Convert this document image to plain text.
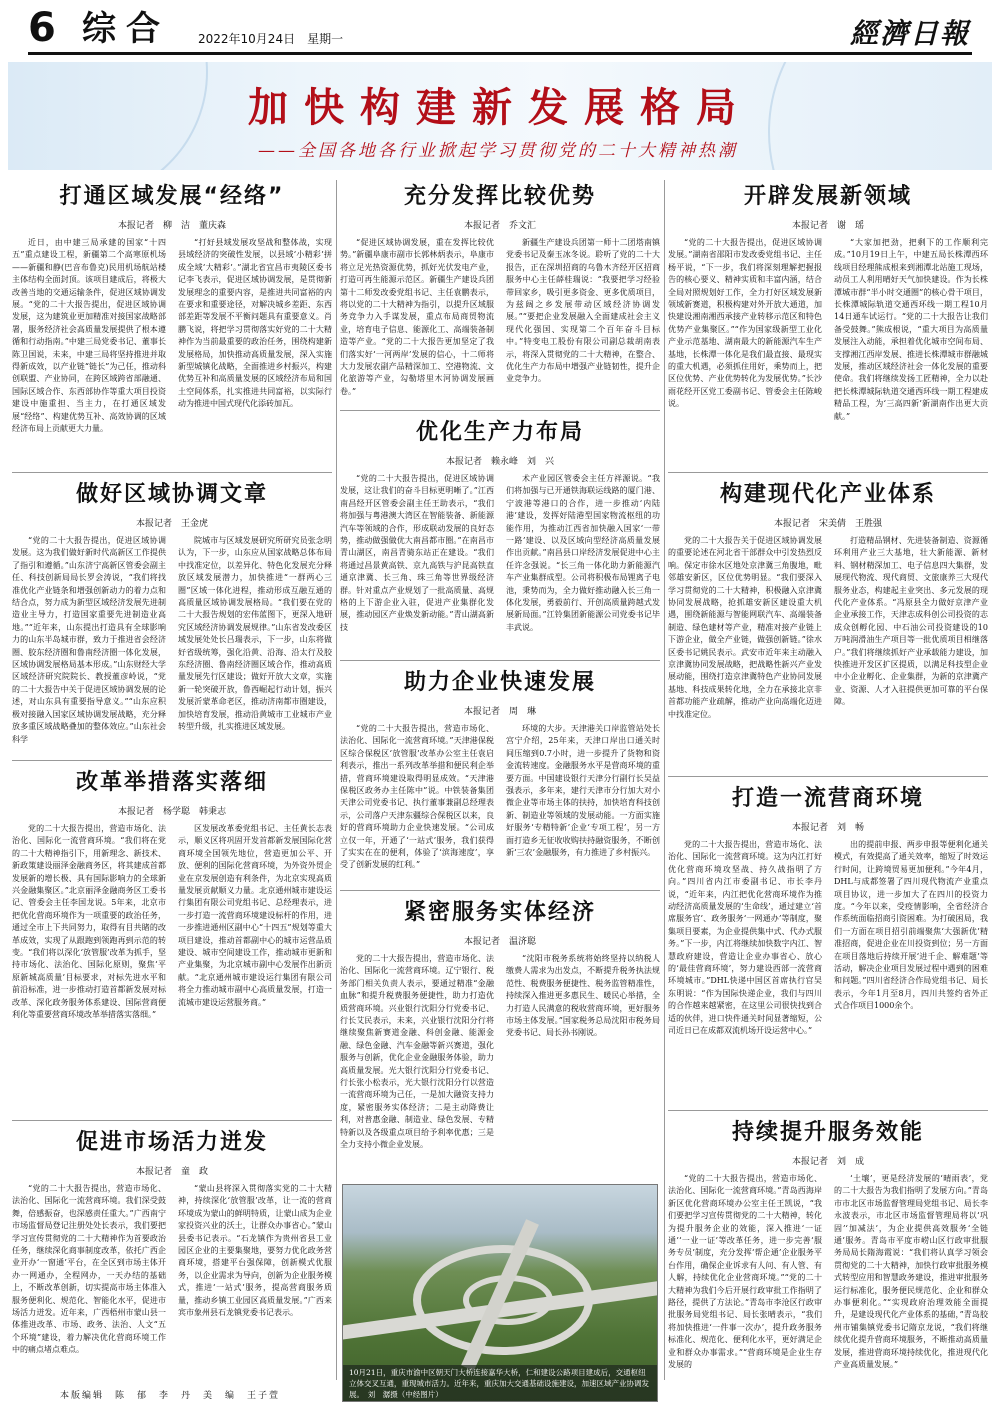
6 综合 2022年10月24日　星期一	經濟日報
加快构建新发展格局
——全国各地各行业掀起学习贯彻党的二十大精神热潮
打通区域发展“经络”
本报记者　柳　洁　董庆森

近日，由中建三局承建的国家“十四五”重点建设工程，新疆第二个高寒原机场——新疆和静(巴音布鲁克)民用机场航站楼主体结构全面封顶。该项目建成后，将极大改善当地的交通运输条件，促进区域协调发展。“党的二十大报告提出，促进区域协调发展，这为建筑业更加精准对接国家战略部署，服务经济社会高质量发展提供了根本遵循和行动指南。”中建三局党委书记、董事长陈卫国说，未来，中建三局将坚持推进并取得新成效，以产业链“链长”为己任，推动科创联盟、产业协同，在跨区域跨省部融通、国际区域合作、东西部协作等重大项目投资建设中施重担、当主力，在打通区域发展“经络”、构建优势互补、高效协调的区域经济布局上贡献更大力量。

“打好县域发展攻坚战和整体战，实现县域经济的突破性发展，以县域‘小精彩’拼成全域‘大精彩’。”湖北省宜昌市夷陵区委书记李飞表示，促进区域协调发展，是贯彻新发展理念的重要内容，是推进共同富裕的内在要求和重要途径，对解决城乡差距、东西部差距等发展不平衡问题具有重要意义。肖鹏飞说，将把学习贯彻落实好党的二十大精神作为当前最重要的政治任务，围绕构建新发展格局，加快推动高质量发展，深入实施新型城镇化战略，全面推进乡村振兴，构建优势互补和高质量发展的区域经济布局和国土空间体系，扎实推进共同富裕，以实际行动为推进中国式现代化添砖加瓦。

做好区域协调文章
本报记者　王金虎

“党的二十大报告提出，促进区域协调发展。这为我们做好新时代高新区工作提供了指引和遵循。”山东济宁高新区管委会副主任、科技创新局局长罗会涛说，“我们将找准优化产业链条和增强创新动力的着力点和结合点，努力成为新型区域经济发展先进制造业主导力，打造国家重要先进制造业高地。”“近年来，山东提出打造具有全球影响力的山东半岛城市群，致力于推进省会经济圈、胶东经济圈和鲁南经济圈一体化发展，区域协调发展格局基本形成。”山东财经大学区域经济研究院院长、教授董彦岭说，“党的二十大报告中关于促进区域协调发展的论述，对山东具有重要指导意义。”“山东应积极对接融入国家区域协调发展战略，充分释放多重区域战略叠加的整体效应。”山东社会科学

院城市与区域发展研究所研究员张念明认为，下一步，山东应从国家战略总体布局中找准定位，以差异化、特色化发展充分释放区域发展潜力，加快推进“一群两心三圈”区域一体化进程，推动形成互融互通的高质量区域协调发展格局。“我们要在党的二十大报告规划的宏伟蓝图下，更深入地研究区域经济协调发展规律。”山东省发改委区域发展处处长吕瑞表示，下一步，山东将做好省级统筹，强化沿黄、沿海、沿太行及胶东经济圈、鲁南经济圈区域合作，推动高质量发展先行区建设；做好开放大文章，实施新一轮突破开放，鲁西崛起行动计划，振兴发展沂蒙革命老区，推动济南都市圈建设，加快培育发展，推动沿黄城市工业城市产业转型升级，扎实推进区域发展。

改革举措落实落细
本报记者　杨学聪　韩秉志

党的二十大报告提出，营造市场化、法治化、国际化一流营商环境。“我们将在党的二十大精神指引下，用新理念、新技术、新政策建设丽泽金融商务区，将其建成首都发展新的增长极、具有国际影响力的全球新兴金融集聚区。”北京丽泽金融商务区工委书记、管委会主任李国龙说。5年来，北京市把优化营商环境作为一项重要的政治任务，通过全市上下共同努力，取得有目共睹的改革成效，实现了从跟跑到领跑再到示范的转变。“我们将以深化‘放管服’改革为抓手，坚持市场化、法治化、国际化原则，聚焦‘平原新城高质量’目标要求，对标先进水平和前沿标准，进一步推动打造首都新发展对标改革、深化政务服务体系建设、国际营商便利化等重要营商环境改革举措落实落细。”

区发展改革委党组书记、主任黄长志表示，顺义区将巩固开发首都新发展国际化营商环境全国领先地位，营造更加公平、开放、便利的国际化营商环境，为外资外贸企业在京发展创造有利条件，为北京实现高质量发展贡献顺义力量。北京通州城市建设运行集团有限公司党组书记、总经理表示，进一步打造一流营商环境建设标杆的作用，进一步推进通州区副中心“十四五”规划等重大项目建设，推动首都副中心的城市运营品质建设、城市空间建设工作，推动城市更新和产业集聚，为北京城市副中心发展作出新贡献。“北京通州城市建设运行集团有限公司将全力推动城市副中心高质量发展，打造一流城市建设运营服务商。”

促进市场活力迸发
本报记者　童　政

“党的二十大报告提出，营造市场化、法治化、国际化一流营商环境。我们深受鼓舞，倍感振奋，也深感责任重大。”广西南宁市场监督局登记注册处处长表示，我们要把学习宣传贯彻党的二十大精神作为首要政治任务，继续深化商事制度改革，依托广西企业开办‘一窗通’平台，在全区到市场主体开办一网通办，全程网办，一天办结的基础上，不断改革创新，切实提高市场主体准入服务便利化、规范化、智能化水平，促进市场活力迸发。近年来，广西梧州市蒙山县一体推进改革、市场、政务、法治、人文“五个环境”建设，着力解决优化营商环境工作中的痛点堵点难点。

“蒙山县将深入贯彻落实党的二十大精神，持续深化‘放管服’改革，让一流的营商环境成为蒙山的鲜明特质，让蒙山成为企业家投资兴业的沃土，让群众办事省心。”蒙山县委书记表示。“石龙镇作为贵州省县工业园区企业的主要集聚地，要努力优化政务营商环境，搭建平台强保障，创新模式优服务，以企业需求为导向，创新为企业服务模式，推进‘一站式’服务，提高营商服务质量，推动乡镇工业园区高质量发展。”广西来宾市象州县石龙镇党委书记表示。

充分发挥比较优势
本报记者　乔文汇

“促进区域协调发展，重在发挥比较优势。”新疆阜康市副市长郭林炳表示，阜康市将立足光热资源优势，抓好光伏发电产业，打造可再生能源示范区。新疆生产建设兵团第十二师发改委党组书记、主任袁鹏表示，将以党的二十大精神为指引，以提升区域服务竞争力入手谋发展，重点布局商贸物流业，培育电子信息、能源化工、高端装备制造等产业。“党的二十大报告更加坚定了我们落实好‘一河两岸’发展的信心，十二师将大力发展农副产品精深加工、空港物流、文化旅游等产业，勾勒塔里木河协调发展画卷。”

新疆生产建设兵团第一师十二团塔南镇党委书记及秦玉冰冬说。聆听了党的二十大报告，正在深圳招商的乌鲁木齐经开区招商服务中心主任薛桂瑞说：“我要把学习经验带回家乡，吸引更多资金、更多优质项目，为兹阔之乡发展带动区域经济协调发展。”“要把企业发展融入全面建成社会主义现代化强国、实现第二个百年奋斗目标中。”特变电工股份有限公司副总裁胡南表示，将深入贯彻党的二十大精神，在整合、优化生产力布局中增强产业链韧性，提升企业竞争力。

优化生产力布局
本报记者　赖永峰　刘　兴

“党的二十大报告提出，促进区域协调发展，这让我们的奋斗目标更明晰了。”江西南昌经开区管委会副主任王助表示，“我们将加强与粤港澳大湾区在智能装备、新能源汽车等领域的合作，形成联动发展的良好态势，推动做强做优大南昌都市圈。”在南昌市青山湖区，南昌青骑东站正在建设。“我们将通过昌景黄高铁、京九高铁与沪昆高铁直通京津冀、长三角、珠三角等世界级经济群。针对重点产业规划了一批高质量、高规格的上下游企业入驻，促进产业集群化发展，推动园区产业焕发新动能。”青山湖高新技

术产业园区管委会主任方祥源说。“我们将加强与已开通铁海联运线路的厦门港、宁波港等港口的合作，进一步推动‘内陆港’建设，发挥好陆港型国家物流枢纽的功能作用，为推动江西省加快融入国家‘一带一路’建设、以及区域向型经济高质量发展作出贡献。”南昌县口岸经济发展促进中心主任许念强说。“长三角一体化助力新能源汽车产业集群成型。公司将积极布局锂离子电池，秉势而为，全力做好推动融入长三角一体化发展，勇毅前行、开创高质量跨越式发展新局面。”江铃集团新能源公司党委书记毕丰武说。

助力企业快速发展
本报记者　周　琳

“党的二十大报告提出，营造市场化、法治化、国际化一流营商环境。”天津港保税区综合保税区‘放管服’改革办公室主任袁启利表示，推出一系列改革举措和便民利企举措，营商环境建设取得明显成效。“天津港保税区政务办主任陈中”说。中铁装备集团天津公司党委书记、执行董事兼副总经理表示，公司落户天津东疆综合保税区以来，良好的营商环境助力企业快速发展。“公司成立仅一年，开通了‘一站式’服务，我们获得了实实在在的便利，体验了‘滨海速度’，享受了创新发展的红利。”

环境的大步。天津港关口岸监管站处长宫宁介绍，25年来，天津口岸出口通关时间压缩到0.7小时，进一步提升了货物和资金流转速度。金融服务水平是营商环境的重要方面。中国建设银行天津分行副行长吴益强表示，多年来，建行天津市分行加大对小微企业等市场主体的扶持，加快培育科技创新、制造业等领域的发展动能。一方面实施好服务‘专精特新’企业‘专项工程’，另一方面打造乡无征收收购扶持融资服务，不断创新‘三农’金融服务，有力推进了乡村振兴。

紧密服务实体经济
本报记者　温济聪

党的二十大报告提出，营造市场化、法治化、国际化一流营商环境。辽宁银行、税务部门相关负责人表示，要通过精准“金融血脉”和提升税费服务便捷性，助力打造优质营商环境。兴业银行沈阳分行党委书记、行长艾民表示，未来，兴业银行沈阳分行将继续聚焦新赛道金融、科创金融、能源金融、绿色金融、汽车金融等新兴赛道，强化服务与创新，优化企业金融服务体验，助力高质量发展。光大银行沈阳分行党委书记、行长张小松表示，光大银行沈阳分行以营造一流营商环境为己任，一是加大融资支持力度，紧密服务实体经济；二是主动降费让利，对普惠金融、制造业、绿色发展、专精特新以及各级重点项目给予利率优惠；三是全力支持小微企业发展。

“沈阳市税务系统将始终坚持以纳税人缴费人需求为出发点，不断提升税务执法规范性、税费服务便捷性、税务监管精准性，持续深入推进更多惠民生、暖民心举措，全力打造人民满意的税收营商环境，更好服务市场主体发展。”国家税务总局沈阳市税务局党委书记、局长孙书刚说。

10月21日，重庆市渝中区朝天门大桥连接嘉华大桥，仁和建设公路项目建成后，交通枢纽立体交叉互通，重现城市活力。近年来，重庆加大交通基础设施建设，加速区域产业协调发展。　刘　潺摄（中经图片）
开辟发展新领域
本报记者　谢　瑶

“党的二十大报告提出，促进区域协调发展。”湖南省邵阳市发改委党组书记、主任杨平说，“下一步，我们将深刻理解把握报告的核心要义、精神实质和丰富内涵，结合全局对照规划好工作，全力打好区域发展新领域新赛道，积极构建对外开放大通道，加快建设湘南湘西承接产业转移示范区和特色优势产业集聚区。”“作为国家级新型工业化产业示范基地、湖南最大的新能源汽车生产基地，长株潭一体化是我们最直接、最现实的重大机遇，必须抓住用好，乘势而上，把区位优势、产业优势转化为发展优势。”长沙雨花经开区党工委副书记、管委会主任陈峻说。

“大家加把劲，把剩下的工作顺利完成。”10月19日上午，中建五局长株潭西环线项目经理熊成根来到湘潭北站施工现场，动员工人利用晴好天气加快建设。作为长株潭城市群“半小时交通圈”的核心骨干项目，长株潭城际轨道交通西环线一期工程10月14日通车试运行。“党的二十大报告让我们备受鼓舞。”熊成根说，“重大项目为高质量发展注入动能，承担着优化城市空间布局、支撑湘江西岸发展、推进长株潭城市群融城发展，推动区域经济社会一体化发展的重要使命。我们将继续发扬工匠精神，全力以赴把长株潭城际轨道交通西环线一期工程建成精品工程，为‘三高四新’新湖南作出更大贡献。”

构建现代化产业体系
本报记者　宋美倩　王胜强

党的二十大报告关于促进区域协调发展的重要论述在河北省干部群众中引发热烈反响。保定市徐水区地处京津冀三角腹地，毗邻雄安新区，区位优势明显。“我们要深入学习贯彻党的二十大精神，积极融入京津冀协同发展战略，抢抓雄安新区建设重大机遇，围绕新能源与智能网联汽车、高端装备制造、绿色建材等产业，精准对接产业链上下游企业，做全产业链，做强创新链。”徐水区委书记姚民表示。武安市近年来主动融入京津冀协同发展战略，把战略性新兴产业发展动能，围绕打造京津冀特色产业协同发展基地、科技成果转化地，全力在承接北京非首都功能产业疏解，推动产业向高端化迈进中找准定位。

打造精品钢材、先进装备制造、资源循环利用产业三大基地，壮大新能源、新材料、钢材精深加工、电子信息四大集群，发展现代物流、现代商贸、文旅康养三大现代服务业态，构建起主业突出、多元发展的现代化产业体系。“冯原县全力做好京津产业企业承接工作，天津志成科创公司投资的志成众创孵化园、中石油公司投资建设的10万吨润滑油生产项目等一批优质项目相继落户。”我们将继续抓好产业承载能力建设，加快推进开发区扩区提质，以满足科技型企业中小企业孵化、企业集群，为新的京津冀产业、资源、人才入驻提供更加可靠的平台保障。

打造一流营商环境
本报记者　刘　畅

党的二十大报告提出，营造市场化、法治化、国际化一流营商环境。这为内江打好优化营商环境攻坚战、持久战指明了方向。”四川省内江市委副书记、市长李丹说，“近年来，内江把优化营商环境作为推动经济高质量发展的‘生命线’，通过建立‘首席服务官’、政务服务‘一网通办’等制度，聚集项目要素，为企业提供集中式、代办式服务。”下一步，内江将继续加快数字内江、智慧政府建设，营造让企业办事省心、放心的‘最佳营商环境’，努力建设西部一流营商环境城市。”DHL快递中国区首席执行官吴东明说：“作为国际快递企业，我们与四川的合作越来越紧密，在这里公司很快找到合适的伙伴，进口快件通关时间显著缩短，公司近日已在成都双流机场开设运营中心。”

出的提前申报、两步申报等便利化通关模式，有效提高了通关效率，缩短了时效运行时间，让跨境贸易更加便利。”今年4月，DHL与成都签署了四川现代物流产业重点项目协议，进一步加大了在四川的投资力度。“今年以来，受疫情影响，全省经济合作系统面临招商引资困难。为打破困局，我们一方面在项目招引前端聚焦‘大强新优’精准招商，促进企业在川投资到位；另一方面在项目落地后持续开展‘进千企、解难题’等活动，解决企业项目发展过程中遇到的困难和问题。”四川省经济合作局党组书记、局长表示，今年1月至8月，四川共签约省外正式合作项目1000余个。

持续提升服务效能
本报记者　刘　成

“党的二十大报告提出，营造市场化、法治化、国际化一流营商环境。”青岛西海岸新区优化营商环境办公室主任王凯说，“我们要把学习宣传贯彻党的二十大精神，转化为提升服务企业的效能，深入推进‘一证通’‘一业一证’等改革任务，进一步完善‘服务专员’制度，充分发挥‘帮企通’企业服务平台作用，确保企业诉求有人问、有人管、有人解，持续优化企业营商环境。”“党的二十大精神为我们今后开展行政审批工作指明了路径，提供了方法论。”青岛市李沧区行政审批服务局党组书记、局长张晴表示，“我们将加快推进‘一件事一次办’，提升政务服务标准化、规范化、便利化水平，更好满足企业和群众办事需求。”“营商环境是企业生存发展的

‘土壤’，更是经济发展的‘晴雨表’，党的二十大报告为我们指明了发展方向。”青岛市市北区市场监督管理局党组书记、局长李永波表示，市北区市场监督管理局将以‘巩固’‘加减法’，为企业提供高效服务‘全链通’服务。青岛市平度市崂山区行政审批服务局局长隋海霞说：“我们将认真学习领会贯彻党的二十大精神，加快行政审批服务模式转型应用和智慧政务建设，推进审批服务运行标准化，服务便民规范化、企业和群众办事便利化。”“实现政府治理效能全面提升，是建设现代化产业体系的基础，”青岛胶州市铺集镇党委书记隋京龙说，“我们将继续优化提升营商环境服务，不断推动高质量发展，推进营商环境持续优化，推进现代化产业高质量发展。”

本版编辑　陈　郁　李　丹　美　编　王子萱
